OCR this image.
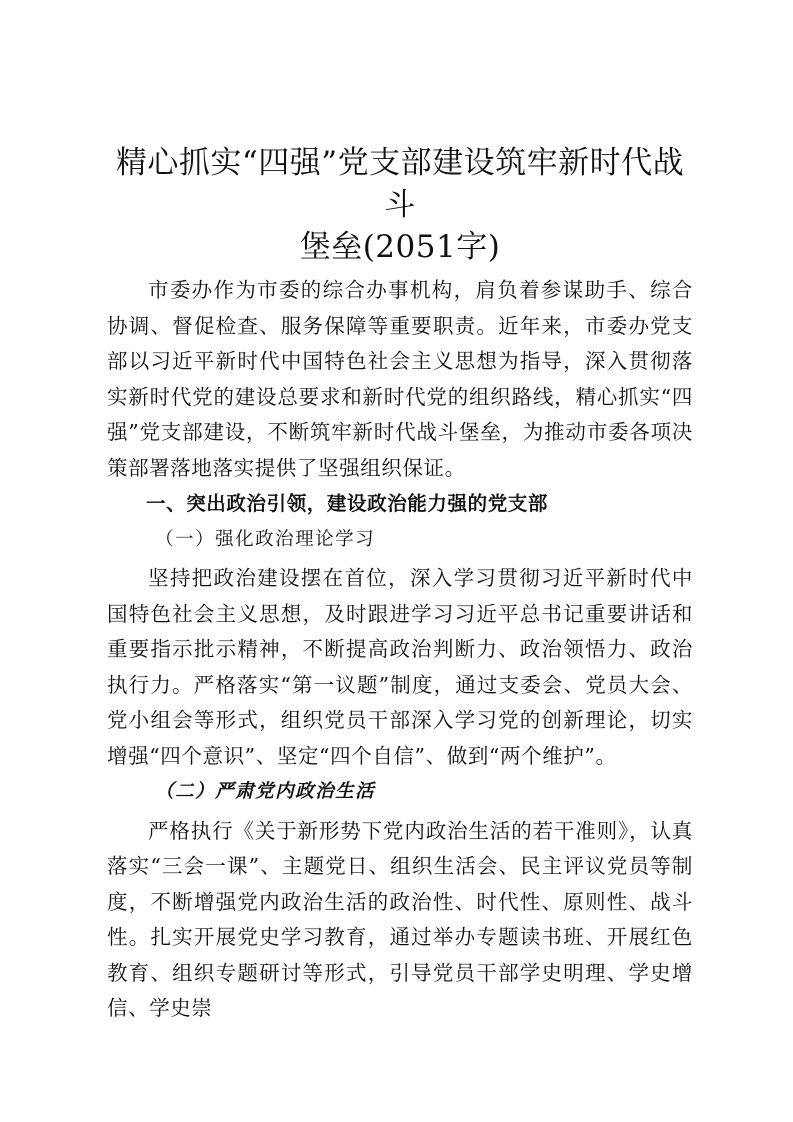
精心抓实“四强”党支部建设筑牢新时代战斗
堡垒(2051字)

市委办作为市委的综合办事机构，肩负着参谋助手、综合协调、督促检查、服务保障等重要职责。近年来，市委办党支部以习近平新时代中国特色社会主义思想为指导，深入贯彻落实新时代党的建设总要求和新时代党的组织路线，精心抓实“四强”党支部建设，不断筑牢新时代战斗堡垒，为推动市委各项决策部署落地落实提供了坚强组织保证。

一、突出政治引领，建设政治能力强的党支部

（一）强化政治理论学习

坚持把政治建设摆在首位，深入学习贯彻习近平新时代中国特色社会主义思想，及时跟进学习习近平总书记重要讲话和重要指示批示精神，不断提高政治判断力、政治领悟力、政治执行力。严格落实“第一议题”制度，通过支委会、党员大会、党小组会等形式，组织党员干部深入学习党的创新理论，切实增强“四个意识”、坚定“四个自信”、做到“两个维护”。

（二）严肃党内政治生活

严格执行《关于新形势下党内政治生活的若干准则》，认真落实“三会一课”、主题党日、组织生活会、民主评议党员等制度，不断增强党内政治生活的政治性、时代性、原则性、战斗性。扎实开展党史学习教育，通过举办专题读书班、开展红色教育、组织专题研讨等形式，引导党员干部学史明理、学史增信、学史崇
